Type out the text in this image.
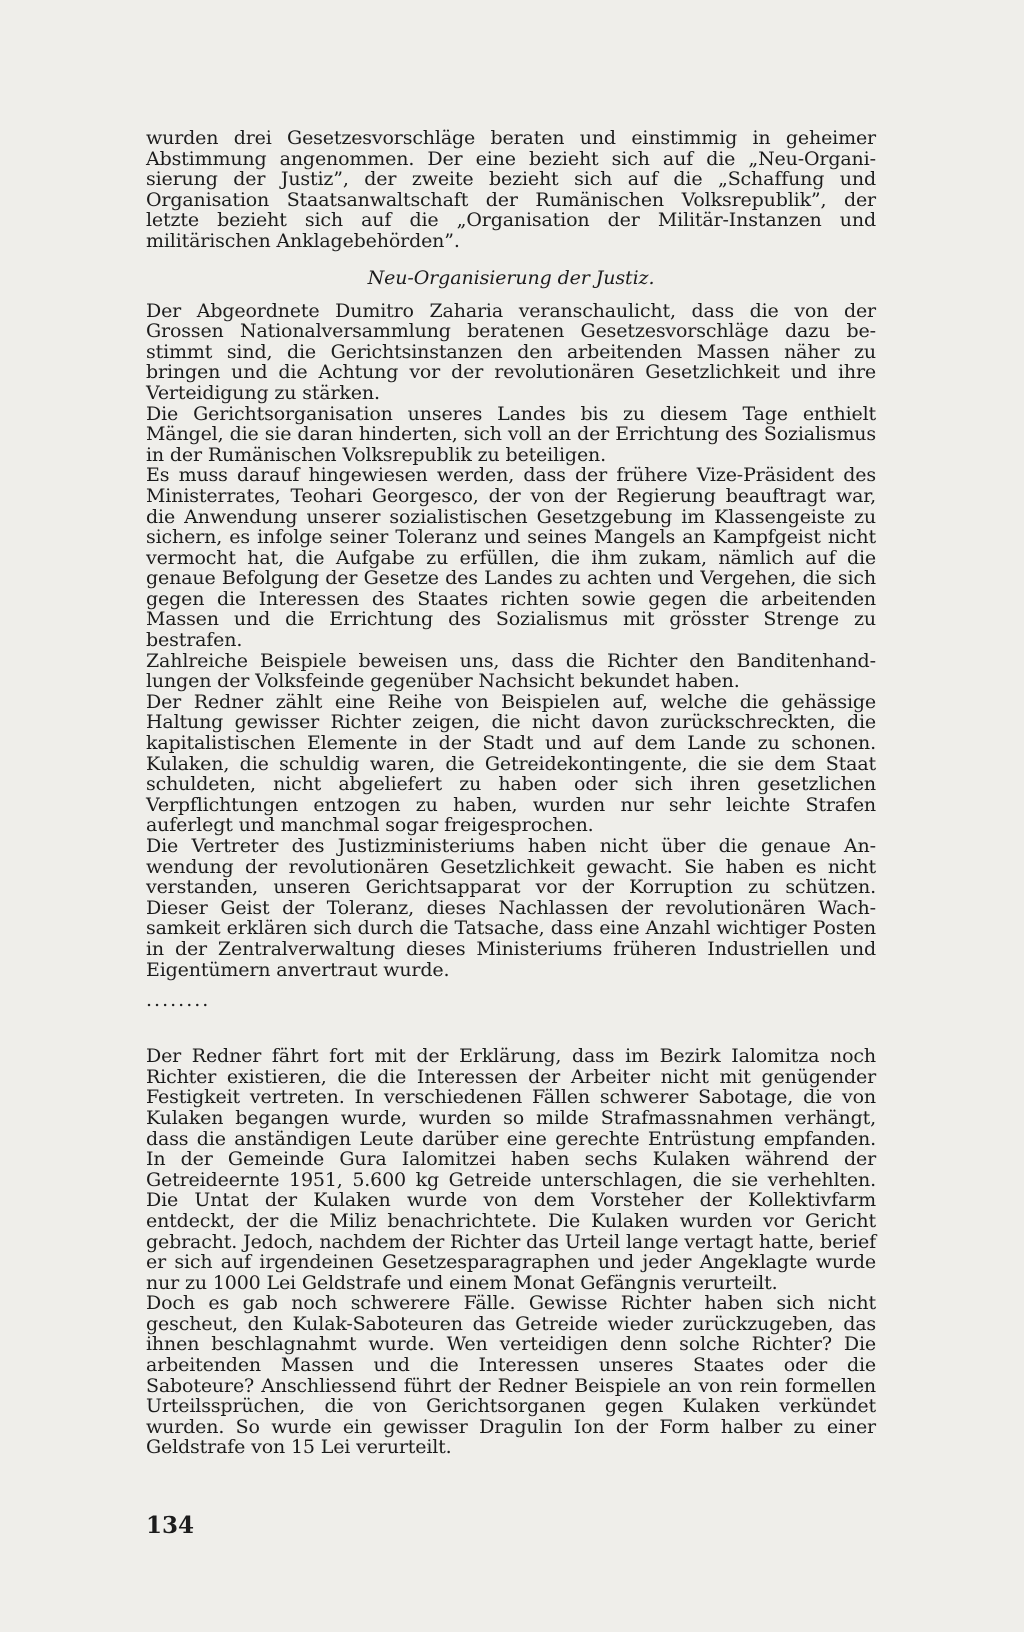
wurden drei Gesetzesvorschläge beraten und einstimmig in geheimer Abstimmung angenommen. Der eine bezieht sich auf die „Neu-Organisierung der Justiz”, der zweite bezieht sich auf die „Schaffung und Organisation Staatsanwaltschaft der Rumänischen Volksrepublik”, der letzte bezieht sich auf die „Organisation der Militär-Instanzen und militärischen Anklagebehörden”.

Neu-Organisierung der Justiz.

Der Abgeordnete Dumitro Zaharia veranschaulicht, dass die von der Grossen Nationalversammlung beratenen Gesetzesvorschläge dazu bestimmt sind, die Gerichtsinstanzen den arbeitenden Massen näher zu bringen und die Achtung vor der revolutionären Gesetzlichkeit und ihre Verteidigung zu stärken.

Die Gerichtsorganisation unseres Landes bis zu diesem Tage enthielt Mängel, die sie daran hinderten, sich voll an der Errichtung des Sozialismus in der Rumänischen Volksrepublik zu beteiligen.

Es muss darauf hingewiesen werden, dass der frühere Vize-Präsident des Ministerrates, Teohari Georgesco, der von der Regierung beauftragt war, die Anwendung unserer sozialistischen Gesetzgebung im Klassengeiste zu sichern, es infolge seiner Toleranz und seines Mangels an Kampfgeist nicht vermocht hat, die Aufgabe zu erfüllen, die ihm zukam, nämlich auf die genaue Befolgung der Gesetze des Landes zu achten und Vergehen, die sich gegen die Interessen des Staates richten sowie gegen die arbeitenden Massen und die Errichtung des Sozialismus mit grösster Strenge zu bestrafen.

Zahlreiche Beispiele beweisen uns, dass die Richter den Banditenhandlungen der Volksfeinde gegenüber Nachsicht bekundet haben.

Der Redner zählt eine Reihe von Beispielen auf, welche die gehässige Haltung gewisser Richter zeigen, die nicht davon zurückschreckten, die kapitalistischen Elemente in der Stadt und auf dem Lande zu schonen. Kulaken, die schuldig waren, die Getreidekontingente, die sie dem Staat schuldeten, nicht abgeliefert zu haben oder sich ihren gesetzlichen Verpflichtungen entzogen zu haben, wurden nur sehr leichte Strafen auferlegt und manchmal sogar freigesprochen.

Die Vertreter des Justizministeriums haben nicht über die genaue Anwendung der revolutionären Gesetzlichkeit gewacht. Sie haben es nicht verstanden, unseren Gerichtsapparat vor der Korruption zu schützen. Dieser Geist der Toleranz, dieses Nachlassen der revolutionären Wachsamkeit erklären sich durch die Tatsache, dass eine Anzahl wichtiger Posten in der Zentralverwaltung dieses Ministeriums früheren Industriellen und Eigentümern anvertraut wurde.

........

Der Redner fährt fort mit der Erklärung, dass im Bezirk Ialomitza noch Richter existieren, die die Interessen der Arbeiter nicht mit genügender Festigkeit vertreten. In verschiedenen Fällen schwerer Sabotage, die von Kulaken begangen wurde, wurden so milde Strafmassnahmen verhängt, dass die anständigen Leute darüber eine gerechte Entrüstung empfanden. In der Gemeinde Gura Ialomitzei haben sechs Kulaken während der Getreideernte 1951, 5.600 kg Getreide unterschlagen, die sie verhehlten. Die Untat der Kulaken wurde von dem Vorsteher der Kollektivfarm entdeckt, der die Miliz benachrichtete. Die Kulaken wurden vor Gericht gebracht. Jedoch, nachdem der Richter das Urteil lange vertagt hatte, berief er sich auf irgendeinen Gesetzesparagraphen und jeder Angeklagte wurde nur zu 1000 Lei Geldstrafe und einem Monat Gefängnis verurteilt.

Doch es gab noch schwerere Fälle. Gewisse Richter haben sich nicht gescheut, den Kulak-Saboteuren das Getreide wieder zurückzugeben, das ihnen beschlagnahmt wurde. Wen verteidigen denn solche Richter? Die arbeitenden Massen und die Interessen unseres Staates oder die Saboteure? Anschliessend führt der Redner Beispiele an von rein formellen Urteilssprüchen, die von Gerichtsorganen gegen Kulaken verkündet wurden. So wurde ein gewisser Dragulin Ion der Form halber zu einer Geldstrafe von 15 Lei verurteilt.

134
